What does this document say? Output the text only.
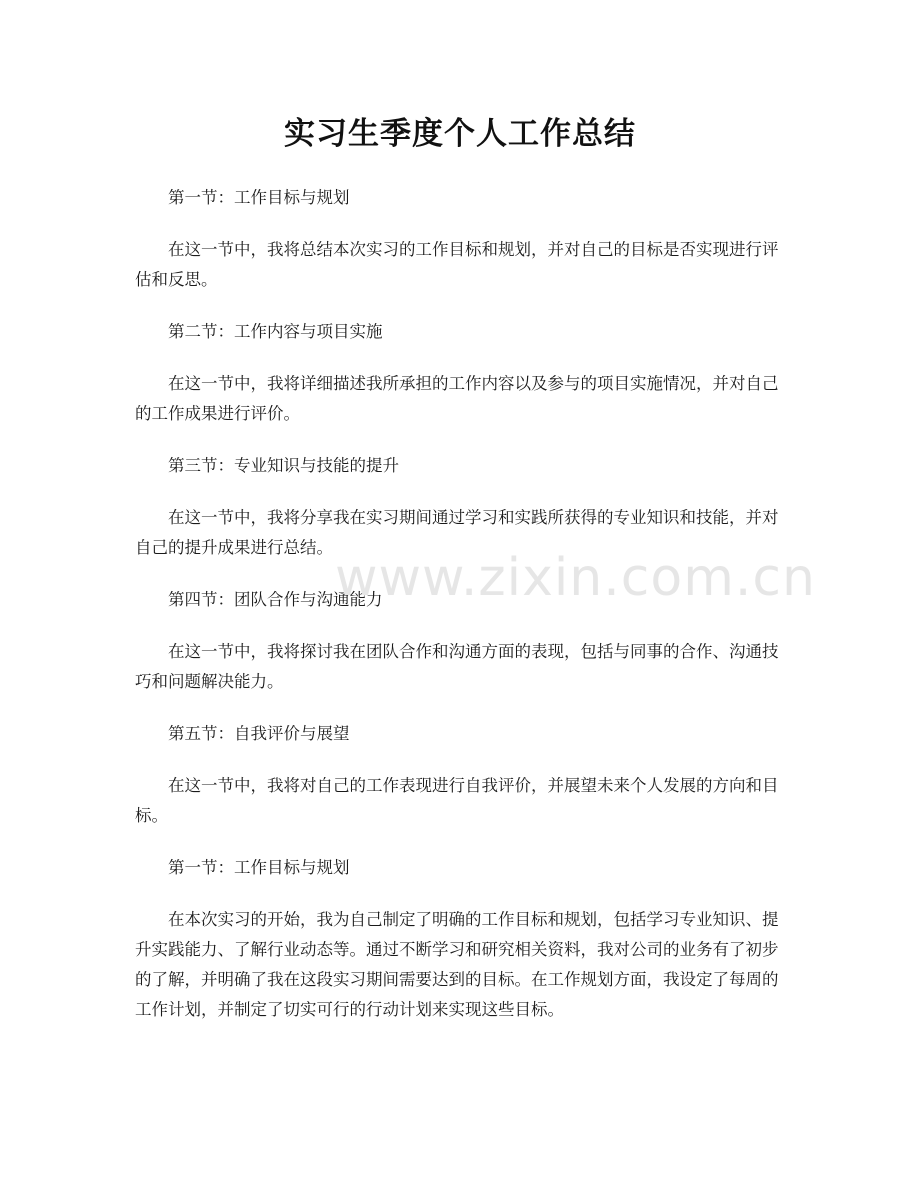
实习生季度个人工作总结

第一节：工作目标与规划

在这一节中，我将总结本次实习的工作目标和规划，并对自己的目标是否实现进行评估和反思。

第二节：工作内容与项目实施

在这一节中，我将详细描述我所承担的工作内容以及参与的项目实施情况，并对自己的工作成果进行评价。

第三节：专业知识与技能的提升

在这一节中，我将分享我在实习期间通过学习和实践所获得的专业知识和技能，并对自己的提升成果进行总结。

第四节：团队合作与沟通能力

在这一节中，我将探讨我在团队合作和沟通方面的表现，包括与同事的合作、沟通技巧和问题解决能力。

第五节：自我评价与展望

在这一节中，我将对自己的工作表现进行自我评价，并展望未来个人发展的方向和目标。

第一节：工作目标与规划

在本次实习的开始，我为自己制定了明确的工作目标和规划，包括学习专业知识、提升实践能力、了解行业动态等。通过不断学习和研究相关资料，我对公司的业务有了初步的了解，并明确了我在这段实习期间需要达到的目标。在工作规划方面，我设定了每周的工作计划，并制定了切实可行的行动计划来实现这些目标。

www.zixin.com.cn
